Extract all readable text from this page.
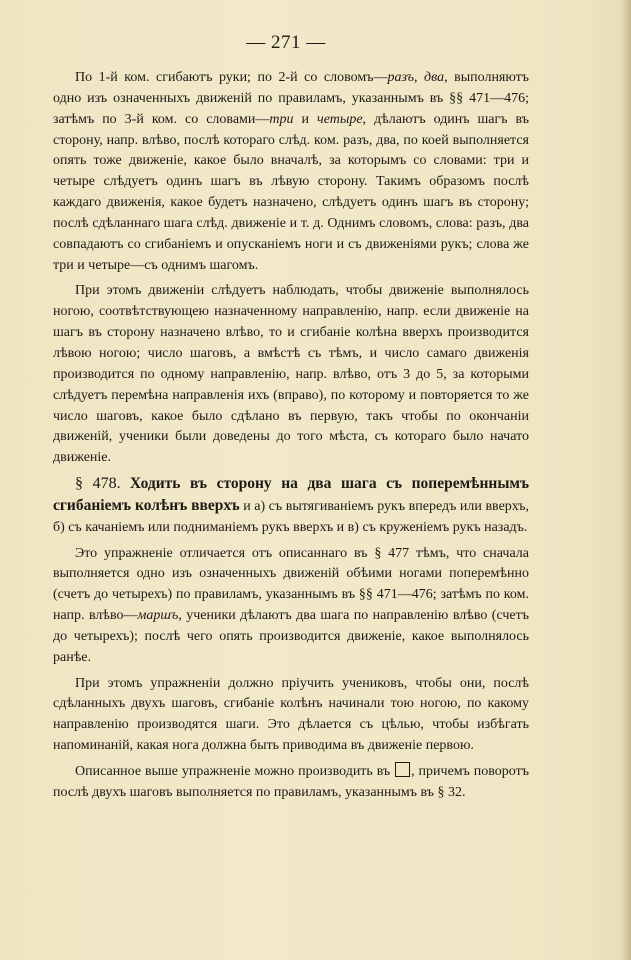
— 271 —

По 1-й ком. сгибаютъ руки; по 2-й со словомъ—разъ, два, выполняютъ одно изъ означенныхъ движеній по правиламъ, указаннымъ въ §§ 471—476; затѣмъ по 3-й ком. со словами—три и четыре, дѣлаютъ одинъ шагъ въ сторону, напр. влѣво, послѣ котораго слѣд. ком. разъ, два, по коей выполняется опять тоже движеніе, какое было вначалѣ, за которымъ со словами: три и четыре слѣдуетъ одинъ шагъ въ лѣвую сторону. Такимъ образомъ послѣ каждаго движенія, какое будетъ назначено, слѣдуетъ одинъ шагъ въ сторону; послѣ сдѣланнаго шага слѣд. движеніе и т. д. Однимъ словомъ, слова: разъ, два совпадаютъ со сгибаніемъ и опусканіемъ ноги и съ движеніями рукъ; слова же три и четыре—съ однимъ шагомъ.

При этомъ движеніи слѣдуетъ наблюдать, чтобы движеніе выполнялось ногою, соотвѣтствующею назначенному направленію, напр. если движеніе на шагъ въ сторону назначено влѣво, то и сгибаніе колѣна вверхъ производится лѣвою ногою; число шаговъ, а вмѣстѣ съ тѣмъ, и число самаго движенія производится по одному направленію, напр. влѣво, отъ 3 до 5, за которыми слѣдуетъ перемѣна направленія ихъ (вправо), по которому и повторяется то же число шаговъ, какое было сдѣлано въ первую, такъ чтобы по окончаніи движеній, ученики были доведены до того мѣста, съ котораго было начато движеніе.

§ 478. Ходить въ сторону на два шага съ поперемѣннымъ сгибаніемъ колѣнъ вверхъ и а) съ вытягиваніемъ рукъ впередъ или вверхъ, б) съ качаніемъ или подниманіемъ рукъ вверхъ и в) съ круженіемъ рукъ назадъ.

Это упражненіе отличается отъ описаннаго въ § 477 тѣмъ, что сначала выполняется одно изъ означенныхъ движеній обѣими ногами поперемѣнно (счетъ до четырехъ) по правиламъ, указаннымъ въ §§ 471—476; затѣмъ по ком. напр. влѣво—маршъ, ученики дѣлаютъ два шага по направленію влѣво (счетъ до четырехъ); послѣ чего опять производится движеніе, какое выполнялось ранѣе.

При этомъ упражненіи должно пріучить учениковъ, чтобы они, послѣ сдѣланныхъ двухъ шаговъ, сгибаніе колѣнъ начинали тою ногою, по какому направленію производятся шаги. Это дѣлается съ цѣлью, чтобы избѣгать напоминаній, какая нога должна быть приводима въ движеніе первою.

Описанное выше упражненіе можно производить въ , причемъ поворотъ послѣ двухъ шаговъ выполняется по правиламъ, указаннымъ въ § 32.
